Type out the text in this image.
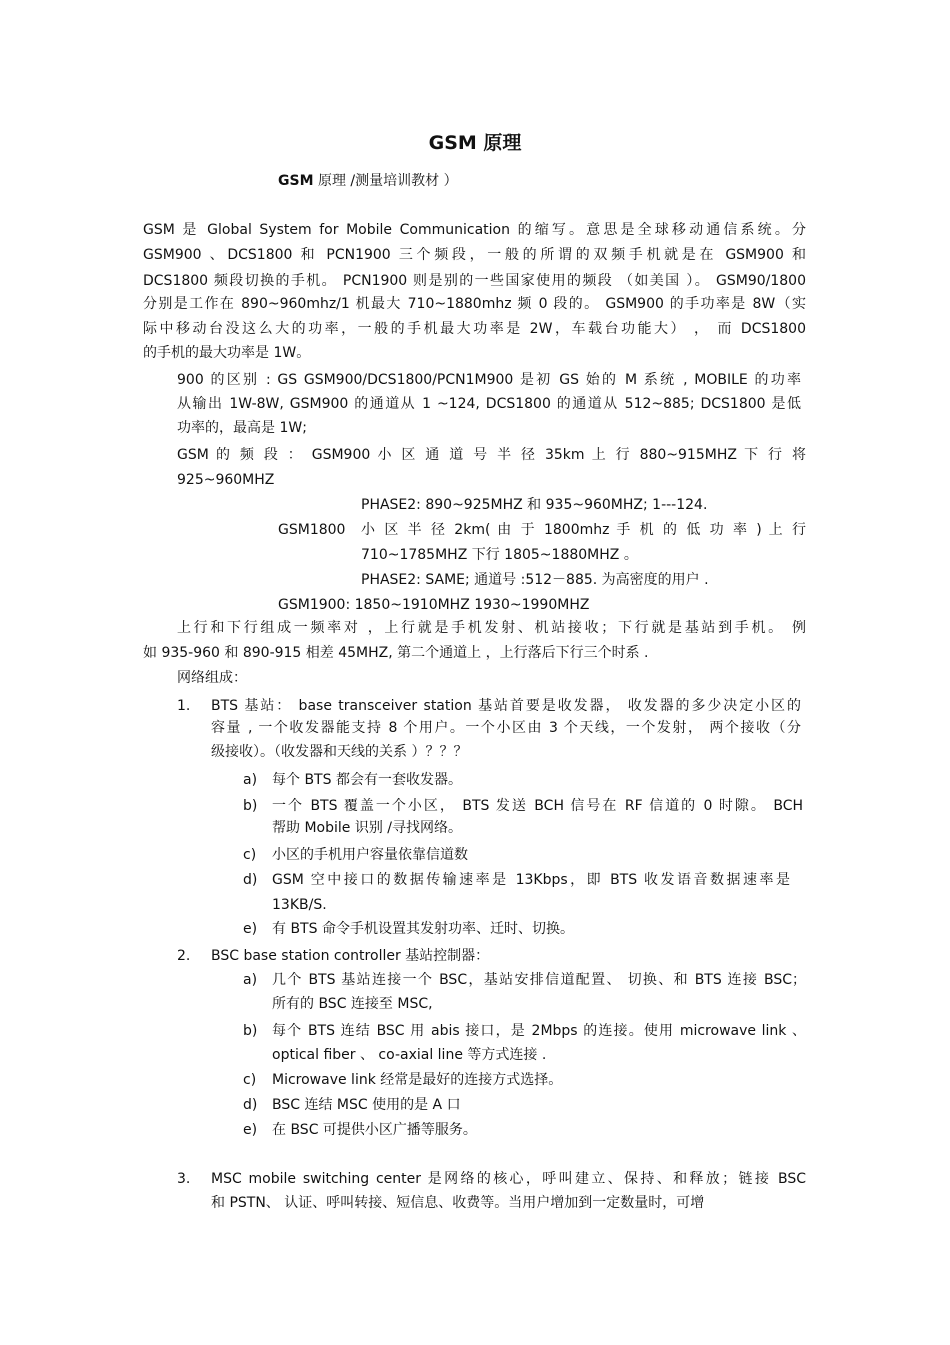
GSM 原理
GSM 原理 /测量培训教材 ）
GSM 是 Global System for Mobile Communication 的缩写。意思是全球移动通信系统。分
GSM900 、DCS1800 和 PCN1900 三个频段，一般的所谓的双频手机就是在 GSM900 和
DCS1800 频段切换的手机。 PCN1900 则是别的一些国家使用的频段 （如美国 ）。 GSM90/1800
分别是工作在 890~960mhz/1 机最大 710~1880mhz 频 0 段的。 GSM900 的手功率是 8W（实
际中移动台没这么大的功率，一般的手机最大功率是 2W，车载台功能大） ， 而 DCS1800
的手机的最大功率是 1W。
900 的区别 : GS GSM900/DCS1800/PCN1M900 是初 GS 始的 M 系统 , MOBILE 的功率
从输出 1W-8W, GSM900 的通道从 1 ~124, DCS1800 的通道从 512~885; DCS1800 是低
功率的，最高是 1W;
GSM 的 频 段 ： GSM900 小 区 通 道 号 半 径 35km 上 行 880~915MHZ 下 行 将
925~960MHZ
PHASE2: 890~925MHZ 和 935~960MHZ; 1---124.
GSM1800 小 区 半 径 2km( 由 于 1800mhz 手 机 的 低 功 率 ) 上 行
710~1785MHZ 下行 1805~1880MHZ 。
PHASE2: SAME; 通道号 :512－885. 为高密度的用户 .
GSM1900: 1850~1910MHZ 1930~1990MHZ
上行和下行组成一频率对 ，上行就是手机发射、机站接收；下行就是基站到手机。 例
如 935-960 和 890-915 相差 45MHZ, 第二个通道上 ，上行落后下行三个时系 .
网络组成：
1. BTS 基站： base transceiver station 基站首要是收发器， 收发器的多少决定小区的
容量 , 一个收发器能支持 8 个用户。一个小区由 3 个天线，一个发射， 两个接收（分
级接收）。（收发器和天线的关系 ）？？？
a) 每个 BTS 都会有一套收发器。
b) 一个 BTS 覆盖一个小区， BTS 发送 BCH 信号在 RF 信道的 0 时隙。 BCH
帮助 Mobile 识别 /寻找网络。
c) 小区的手机用户容量依靠信道数
d) GSM 空中接口的数据传输速率是 13Kbps，即 BTS 收发语音数据速率是
13KB/S.
e) 有 BTS 命令手机设置其发射功率、迁时、切换。
2. BSC base station controller 基站控制器：
a) 几个 BTS 基站连接一个 BSC，基站安排信道配置、 切换、和 BTS 连接 BSC；
所有的 BSC 连接至 MSC,
b) 每个 BTS 连结 BSC 用 abis 接口，是 2Mbps 的连接。使用 microwave link 、
optical fiber 、 co-axial line 等方式连接 .
c) Microwave link 经常是最好的连接方式选择。
d) BSC 连结 MSC 使用的是 A 口
e) 在 BSC 可提供小区广播等服务。
3. MSC mobile switching center 是网络的核心，呼叫建立、保持、和释放；链接 BSC
和 PSTN、 认证、呼叫转接、短信息、收费等。当用户增加到一定数量时，可增
